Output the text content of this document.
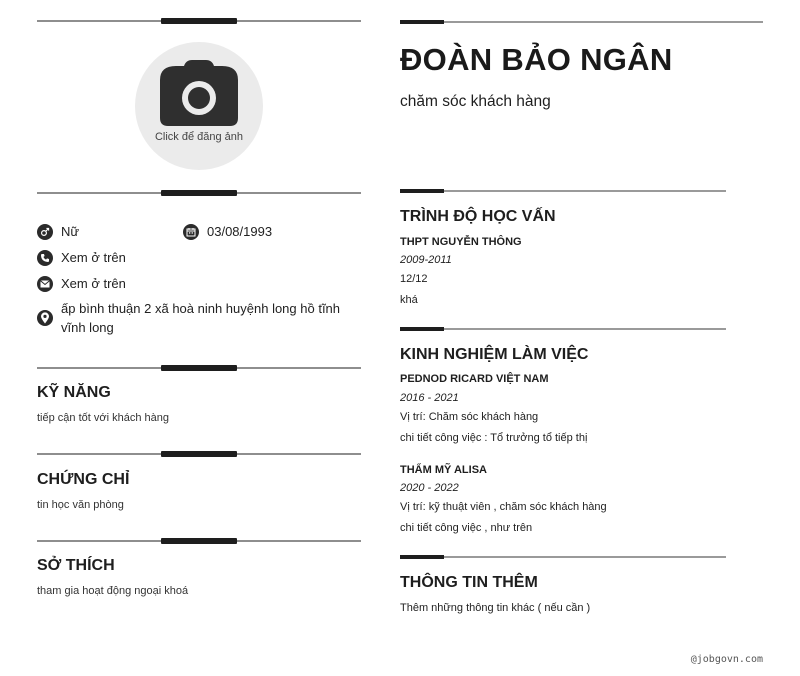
Click để đăng ảnh
Nữ	03/08/1993
Xem ở trên
Xem ở trên
ấp bình thuận 2 xã hoà ninh huyệnh long hồ tĩnh vĩnh long
KỸ NĂNG
tiếp cận tốt với khách hàng
CHỨNG CHỈ
tin học văn phòng
SỞ THÍCH
tham gia hoạt động ngoại khoá
ĐOÀN BẢO NGÂN
chăm sóc khách hàng
TRÌNH ĐỘ HỌC VẤN
THPT NGUYỄN THÔNG
2009-2011
12/12
khá
KINH NGHIỆM LÀM VIỆC
PEDNOD RICARD VIỆT NAM
2016 - 2021
Vị trí: Chăm sóc khách hàng
chi tiết công việc : Tổ trưởng tổ tiếp thị
THẨM MỸ ALISA
2020 - 2022
Vị trí: kỹ thuật viên , chăm sóc khách hàng
chi tiết công việc , như trên
THÔNG TIN THÊM
Thêm những thông tin khác ( nếu cần )
@jobgovn.com
